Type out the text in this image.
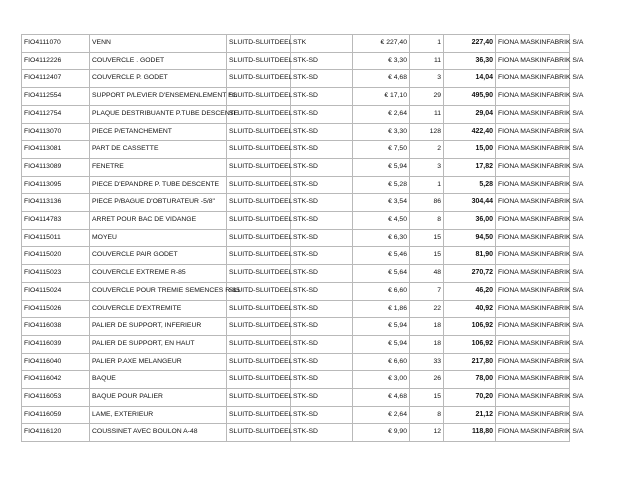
FIO4111070	VENN	SLUITD-SLUITDEEL	STK	€ 227,40	1	227,40	FIONA MASKINFABRIK S/A
FIO4112226	COUVERCLE . GODET	SLUITD-SLUITDEEL	STK-SD	€ 3,30	11	36,30	FIONA MASKINFABRIK S/A
FIO4112407	COUVERCLE P. GODET	SLUITD-SLUITDEEL	STK-SD	€ 4,68	3	14,04	FIONA MASKINFABRIK S/A
FIO4112554	SUPPORT P/LEVIER D'ENSEMENLEMENT FG	SLUITD-SLUITDEEL	STK-SD	€ 17,10	29	495,90	FIONA MASKINFABRIK S/A
FIO4112754	PLAQUE DESTRIBUANTE P.TUBE DESCENTE	SLUITD-SLUITDEEL	STK-SD	€ 2,64	11	29,04	FIONA MASKINFABRIK S/A
FIO4113070	PIECE P/ETANCHEMENT	SLUITD-SLUITDEEL	STK-SD	€ 3,30	128	422,40	FIONA MASKINFABRIK S/A
FIO4113081	PART DE CASSETTE	SLUITD-SLUITDEEL	STK-SD	€ 7,50	2	15,00	FIONA MASKINFABRIK S/A
FIO4113089	FENETRE	SLUITD-SLUITDEEL	STK-SD	€ 5,94	3	17,82	FIONA MASKINFABRIK S/A
FIO4113095	PIECE D'EPANDRE P. TUBE DESCENTE	SLUITD-SLUITDEEL	STK-SD	€ 5,28	1	5,28	FIONA MASKINFABRIK S/A
FIO4113136	PIECE P/BAGUE D'OBTURATEUR -5/8"	SLUITD-SLUITDEEL	STK-SD	€ 3,54	86	304,44	FIONA MASKINFABRIK S/A
FIO4114783	ARRET POUR BAC DE VIDANGE	SLUITD-SLUITDEEL	STK-SD	€ 4,50	8	36,00	FIONA MASKINFABRIK S/A
FIO4115011	MOYEU	SLUITD-SLUITDEEL	STK-SD	€ 6,30	15	94,50	FIONA MASKINFABRIK S/A
FIO4115020	COUVERCLE PAIR GODET	SLUITD-SLUITDEEL	STK-SD	€ 5,46	15	81,90	FIONA MASKINFABRIK S/A
FIO4115023	COUVERCLE EXTREME R-85	SLUITD-SLUITDEEL	STK-SD	€ 5,64	48	270,72	FIONA MASKINFABRIK S/A
FIO4115024	COUVERCLE POUR TREMIE SEMENCES R-85	SLUITD-SLUITDEEL	STK-SD	€ 6,60	7	46,20	FIONA MASKINFABRIK S/A
FIO4115026	COUVERCLE D'EXTREMITE	SLUITD-SLUITDEEL	STK-SD	€ 1,86	22	40,92	FIONA MASKINFABRIK S/A
FIO4116038	PALIER DE SUPPORT, INFERIEUR	SLUITD-SLUITDEEL	STK-SD	€ 5,94	18	106,92	FIONA MASKINFABRIK S/A
FIO4116039	PALIER DE SUPPORT, EN HAUT	SLUITD-SLUITDEEL	STK-SD	€ 5,94	18	106,92	FIONA MASKINFABRIK S/A
FIO4116040	PALIER P.AXE MELANGEUR	SLUITD-SLUITDEEL	STK-SD	€ 6,60	33	217,80	FIONA MASKINFABRIK S/A
FIO4116042	BAQUE	SLUITD-SLUITDEEL	STK-SD	€ 3,00	26	78,00	FIONA MASKINFABRIK S/A
FIO4116053	BAQUE POUR PALIER	SLUITD-SLUITDEEL	STK-SD	€ 4,68	15	70,20	FIONA MASKINFABRIK S/A
FIO4116059	LAME, EXTERIEUR	SLUITD-SLUITDEEL	STK-SD	€ 2,64	8	21,12	FIONA MASKINFABRIK S/A
FIO4116120	COUSSINET AVEC BOULON A-48	SLUITD-SLUITDEEL	STK-SD	€ 9,90	12	118,80	FIONA MASKINFABRIK S/A
